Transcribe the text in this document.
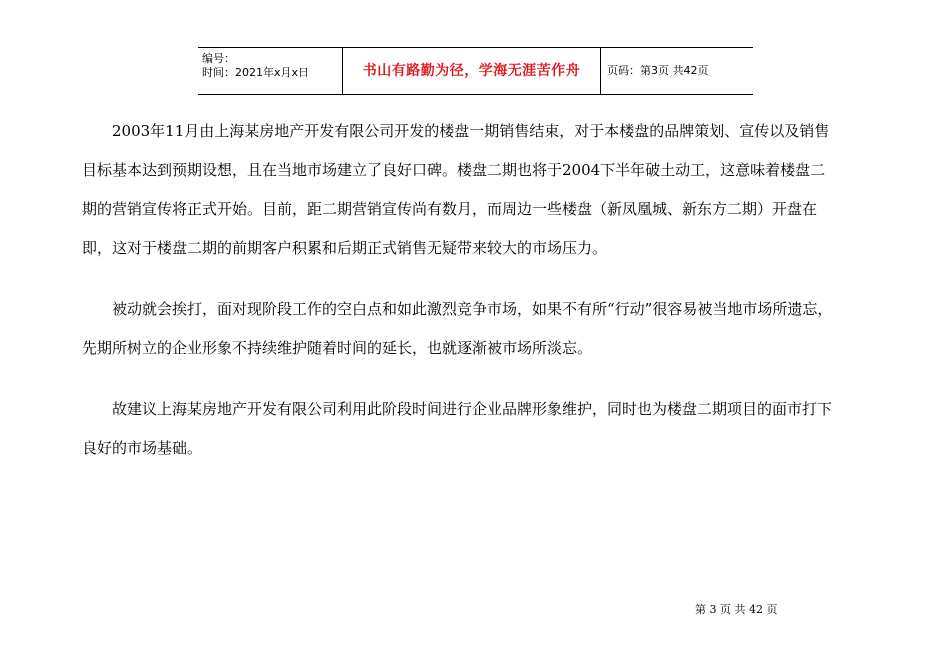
编号：
时间：2021年x月x日	书山有路勤为径，学海无涯苦作舟	页码：第3页 共42页

2003年11月由上海某房地产开发有限公司开发的楼盘一期销售结束，对于本楼盘的品牌策划、宣传以及销售
目标基本达到预期设想，且在当地市场建立了良好口碑。楼盘二期也将于2004下半年破土动工，这意味着楼盘二
期的营销宣传将正式开始。目前，距二期营销宣传尚有数月，而周边一些楼盘（新凤凰城、新东方二期）开盘在
即，这对于楼盘二期的前期客户积累和后期正式销售无疑带来较大的市场压力。

被动就会挨打，面对现阶段工作的空白点和如此激烈竞争市场，如果不有所“行动”很容易被当地市场所遗忘，
先期所树立的企业形象不持续维护随着时间的延长，也就逐渐被市场所淡忘。

故建议上海某房地产开发有限公司利用此阶段时间进行企业品牌形象维护，同时也为楼盘二期项目的面市打下
良好的市场基础。

第 3 页 共 42 页
